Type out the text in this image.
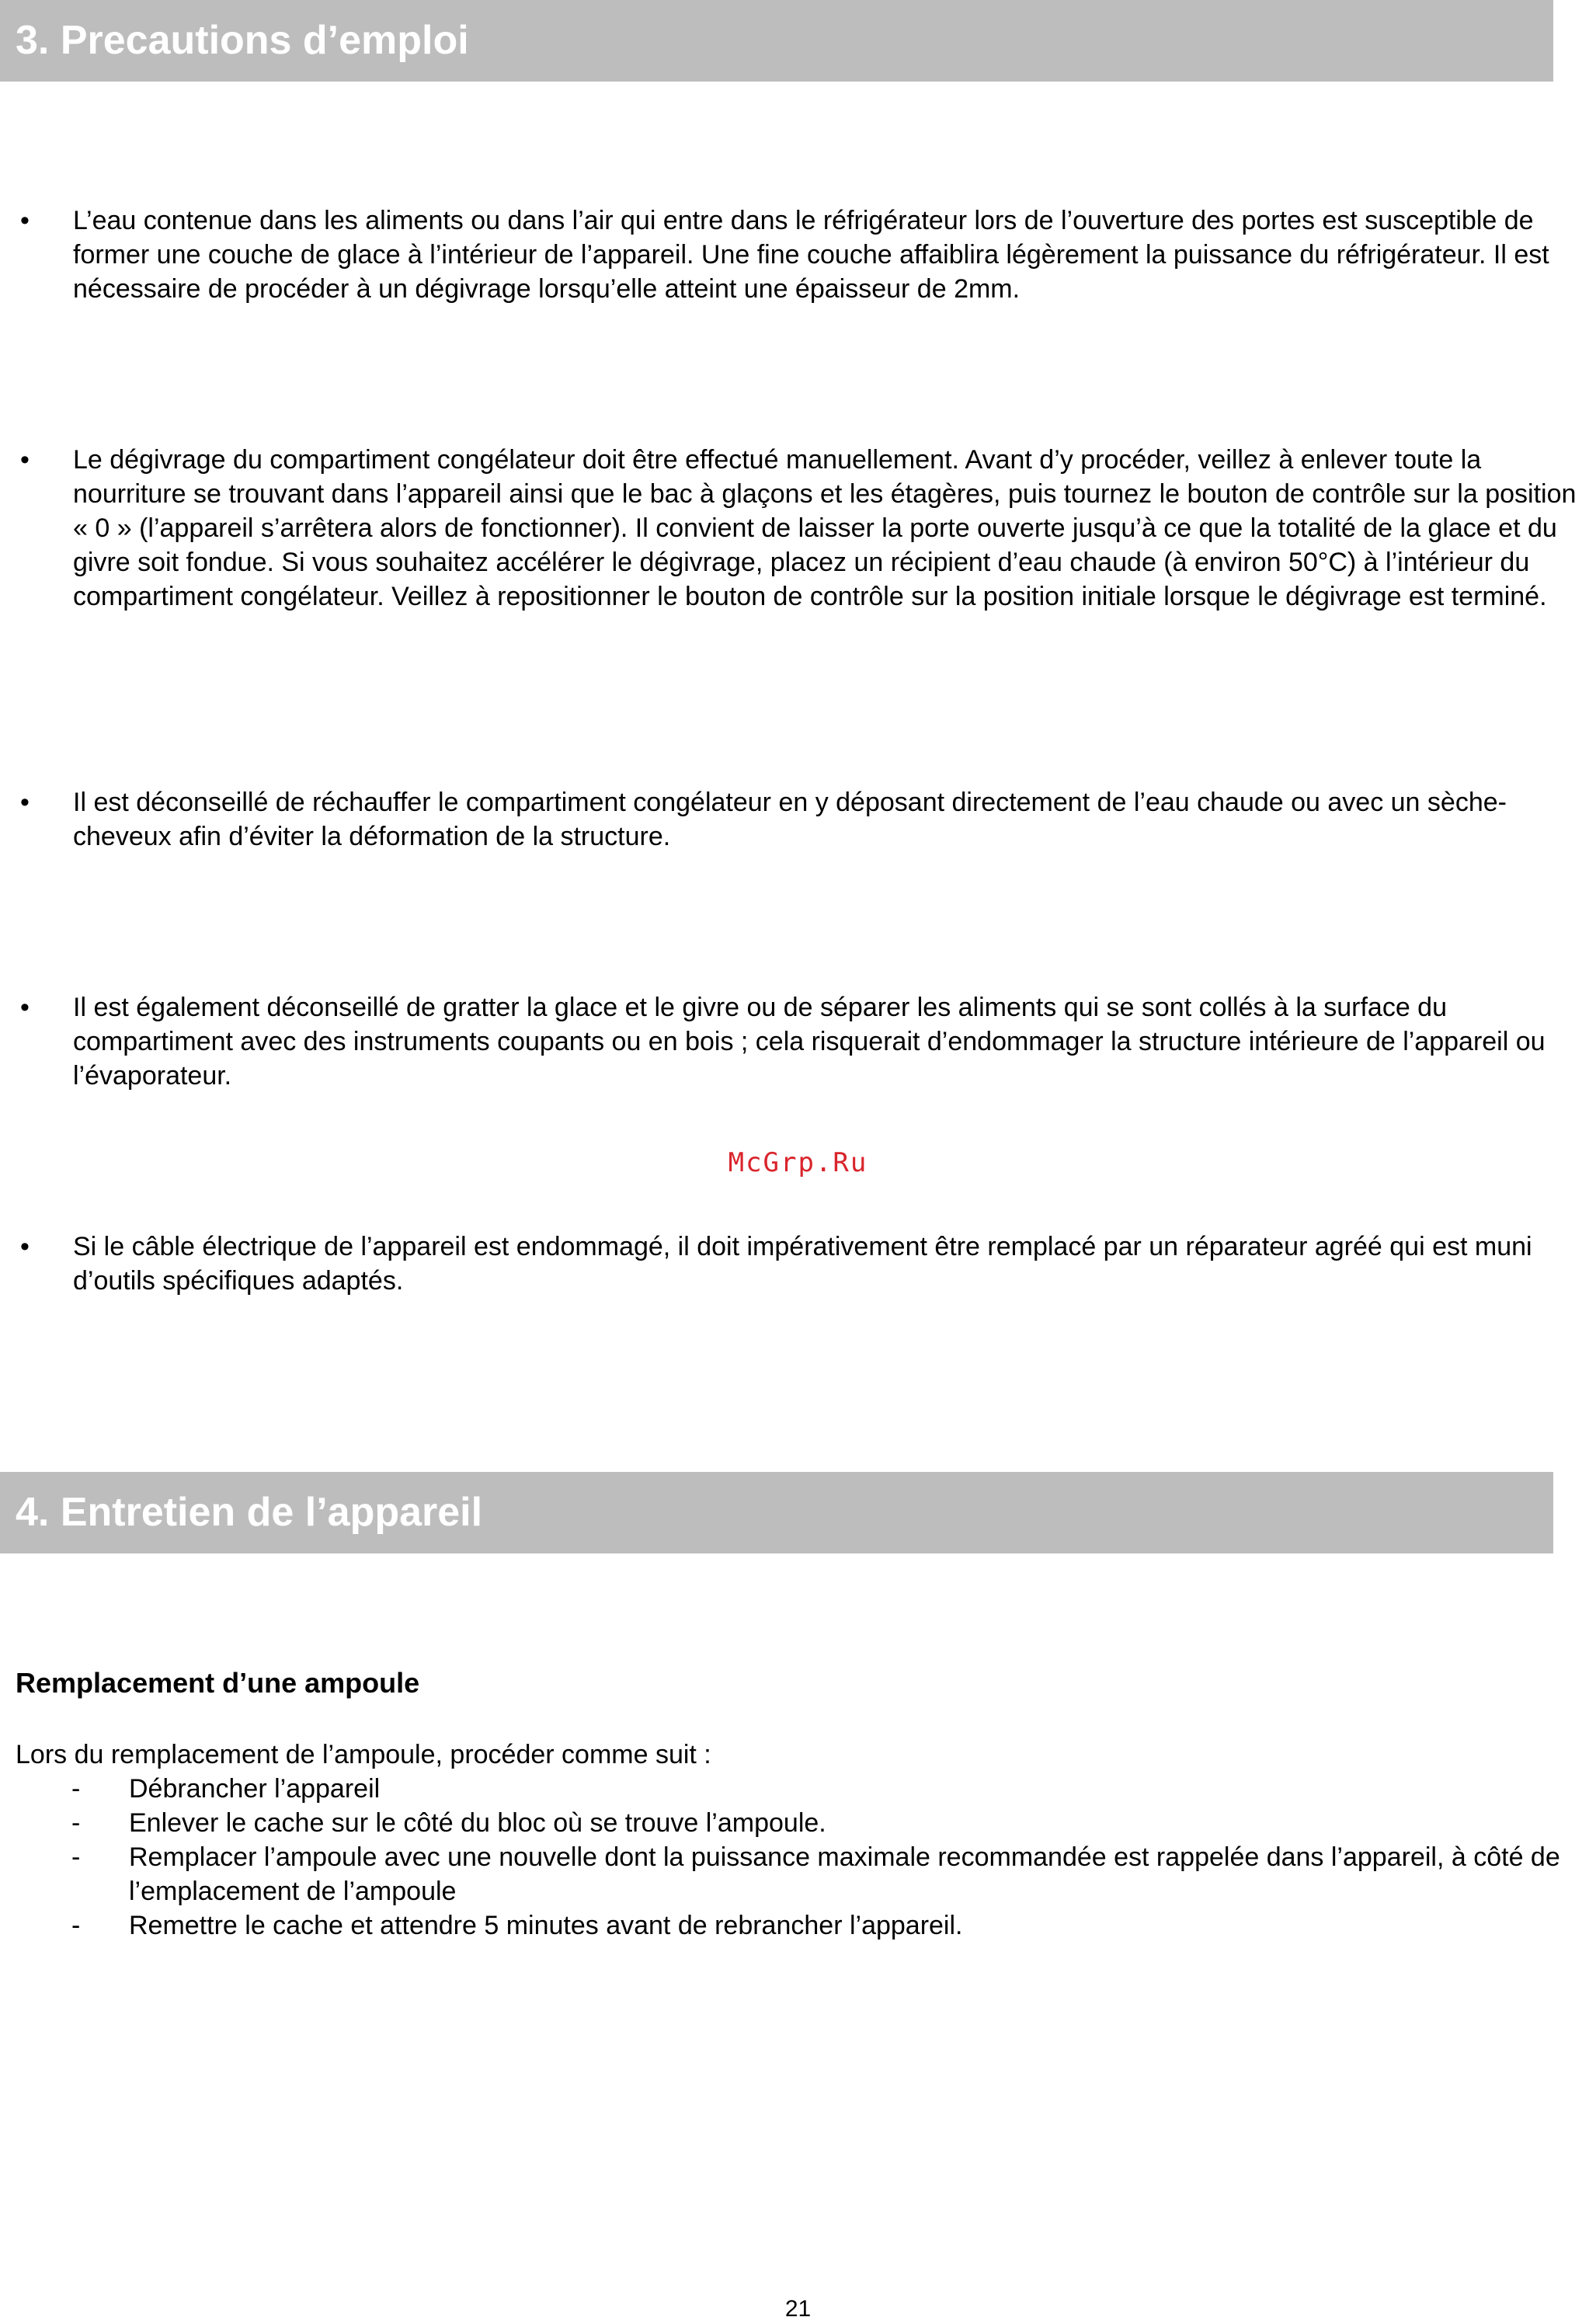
3. Precautions d’emploi
• L’eau contenue dans les aliments ou dans l’air qui entre dans le réfrigérateur lors de l’ouverture des portes est susceptible de former une couche de glace à l’intérieur de l’appareil. Une fine couche affaiblira légèrement la puissance du réfrigérateur. Il est nécessaire de procéder à un dégivrage lorsqu’elle atteint une épaisseur de 2mm.
• Le dégivrage du compartiment congélateur doit être effectué manuellement. Avant d’y procéder, veillez à enlever toute la nourriture se trouvant dans l’appareil ainsi que le bac à glaçons et les étagères, puis tournez le bouton de contrôle sur la position « 0 » (l’appareil s’arrêtera alors de fonctionner). Il convient de laisser la porte ouverte jusqu’à ce que la totalité de la glace et du givre soit fondue. Si vous souhaitez accélérer le dégivrage, placez un récipient d’eau chaude (à environ 50°C) à l’intérieur du compartiment congélateur. Veillez à repositionner le bouton de contrôle sur la position initiale lorsque le dégivrage est terminé.
• Il est déconseillé de réchauffer le compartiment congélateur en y déposant directement de l’eau chaude ou avec un sèche-cheveux afin d’éviter la déformation de la structure.
• Il est également déconseillé de gratter la glace et le givre ou de séparer les aliments qui se sont collés à la surface du compartiment avec des instruments coupants ou en bois ; cela risquerait d’endommager la structure intérieure de l’appareil ou l’évaporateur.
McGrp.Ru
• Si le câble électrique de l’appareil est endommagé, il doit impérativement être remplacé par un réparateur agréé qui est muni d’outils spécifiques adaptés.
4. Entretien de l’appareil
Remplacement d’une ampoule
Lors du remplacement de l’ampoule, procéder comme suit :
- Débrancher l’appareil
- Enlever le cache sur le côté du bloc où se trouve l’ampoule.
- Remplacer l’ampoule avec une nouvelle dont la puissance maximale recommandée est rappelée dans l’appareil, à côté de l’emplacement de l’ampoule
- Remettre le cache et attendre 5 minutes avant de rebrancher l’appareil.
21
